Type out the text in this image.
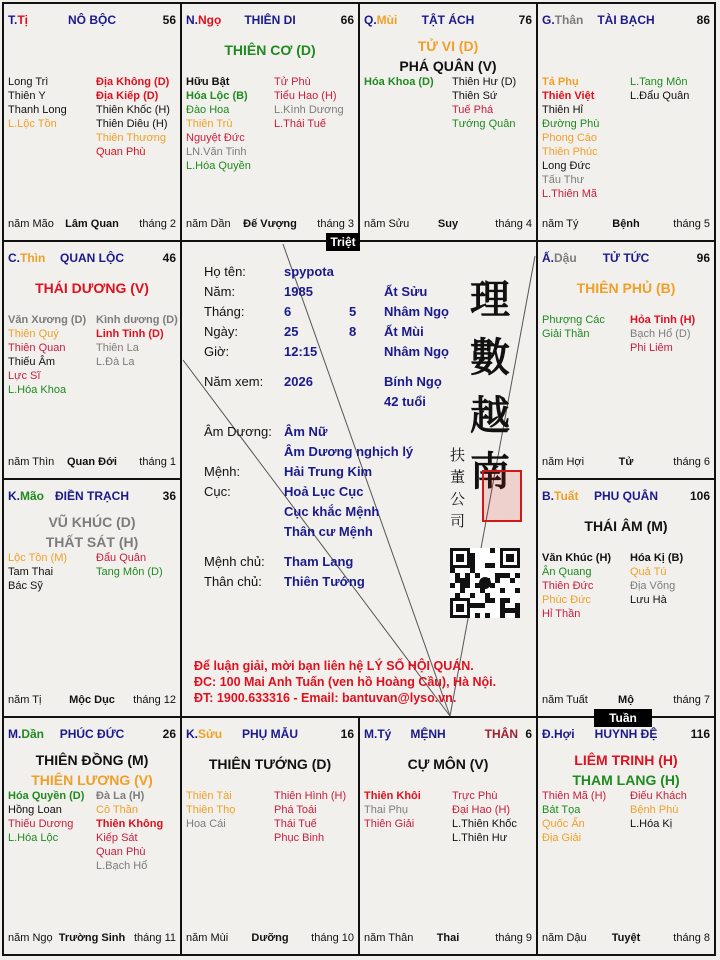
T.Tị	NÔ BỘC	56
Long Trì
Thiên Y
Thanh Long
L.Lộc Tồn
Địa Không (D)
Địa Kiếp (D)
Thiên Khốc (H)
Thiên Diêu (H)
Thiên Thương
Quan Phù
năm Mão	Lâm Quan	tháng 2
N.Ngọ	THIÊN DI	66
THIÊN CƠ (D)
Hữu Bật
Hóa Lộc (B)
Đào Hoa
Thiên Trù
Nguyệt Đức
LN.Văn Tinh
L.Hóa Quyền
Tử Phù
Tiểu Hao (H)
L.Kình Dương
L.Thái Tuế
năm Dần	Đế Vượng	tháng 3
Q.Mùi	TẬT ÁCH	76
TỬ VI (D)
PHÁ QUÂN (V)
Hóa Khoa (D) Thiên Hư (D)
Thiên Sứ
Tuế Phá
Tướng Quân
năm Sửu	Suy	tháng 4
G.Thân	TÀI BẠCH	86
Tả Phụ
Thiên Việt
Thiên Hỉ
Đường Phù
Phong Cáo
Thiên Phúc
Long Đức
Tấu Thư
L.Thiên Mã
L.Tang Môn
L.Đẩu Quân
năm Tý	Bệnh	tháng 5
C.Thìn	QUAN LỘC	46
THÁI DƯƠNG (V)
Văn Xương (D)
Thiên Quý
Thiên Quan
Thiếu Âm
Lực Sĩ
L.Hóa Khoa
Kình dương (D)
Linh Tinh (D)
Thiên La
L.Đà La
năm Thìn	Quan Đới	tháng 1
Ấ.Dậu	TỬ TỨC	96
THIÊN PHỦ (B)
Phượng Các
Giải Thần
Hỏa Tinh (H)
Bạch Hổ (D)
Phi Liêm
năm Hợi	Tử	tháng 6
K.Mão ĐIỀN TRẠCH	36
VŨ KHÚC (D)
THẤT SÁT (H)
Lộc Tồn (M)
Tam Thai
Bác Sỹ
Đẩu Quân
Tang Môn (D)
năm Tị	Mộc Dục	tháng 12
B.Tuất	PHU QUÂN	106
THÁI ÂM (M)
Văn Khúc (H)
Ân Quang
Thiên Đức
Phúc Đức
Hỉ Thần
Hóa Kị (B)
Quả Tú
Địa Võng
Lưu Hà
năm Tuất	Mộ	tháng 7
M.Dần	PHÚC ĐỨC	26
THIÊN ĐỒNG (M)
THIÊN LƯƠNG (V)
Hóa Quyền (D)
Hồng Loan
Thiếu Dương
L.Hóa Lộc
Đà La (H)
Cô Thần
Thiên Không
Kiếp Sát
Quan Phù
L.Bạch Hổ
năm Ngọ Trường Sinh tháng 11
K.Sửu	PHỤ MẪU	16
THIÊN TƯỚNG (D)
Thiên Tài
Thiên Thọ
Hoa Cái
Thiên Hình (H)
Phá Toái
Thái Tuế
Phục Binh
năm Mùi	Dưỡng	tháng 10
M.Tý	MỆNH	THÂN 6
CỰ MÔN (V)
Thiên Khôi
Thai Phụ
Thiên Giải
Trực Phù
Đại Hao (H)
L.Thiên Khốc
L.Thiên Hư
năm Thân	Thai	tháng 9
Đ.Hợi	HUYNH ĐỆ	116
LIÊM TRINH (H)
THAM LANG (H)
Thiên Mã (H)
Bát Tọa
Quốc Ấn
Địa Giải
Điếu Khách
Bệnh Phù
L.Hóa Kị
năm Dậu	Tuyệt	tháng 8
Họ tên:	spypota
Năm:	1985	Ất Sửu
Tháng:	6	5 Nhâm Ngọ
Ngày:	25	8 Ất Mùi
Giờ:	12:15	Nhâm Ngọ
Năm xem: 2026	Bính Ngọ
42 tuổi
Âm Dương: Âm Nữ
Âm Dương nghịch lý
Mệnh:	Hải Trung Kim
Cục:	Hoả Lục Cục
Cục khắc Mệnh
Thân cư Mệnh
Mệnh chủ: Tham Lang
Thân chủ: Thiên Tướng
理
數
越
南
扶
董
公
司
Để luận giải, mời bạn liên hệ LÝ SỐ HỘI QUÁN.
ĐC: 100 Mai Anh Tuấn (ven hồ Hoàng Cầu), Hà Nội.
ĐT: 1900.633316 - Email: bantuvan@lyso.vn.
Triệt
Tuần
